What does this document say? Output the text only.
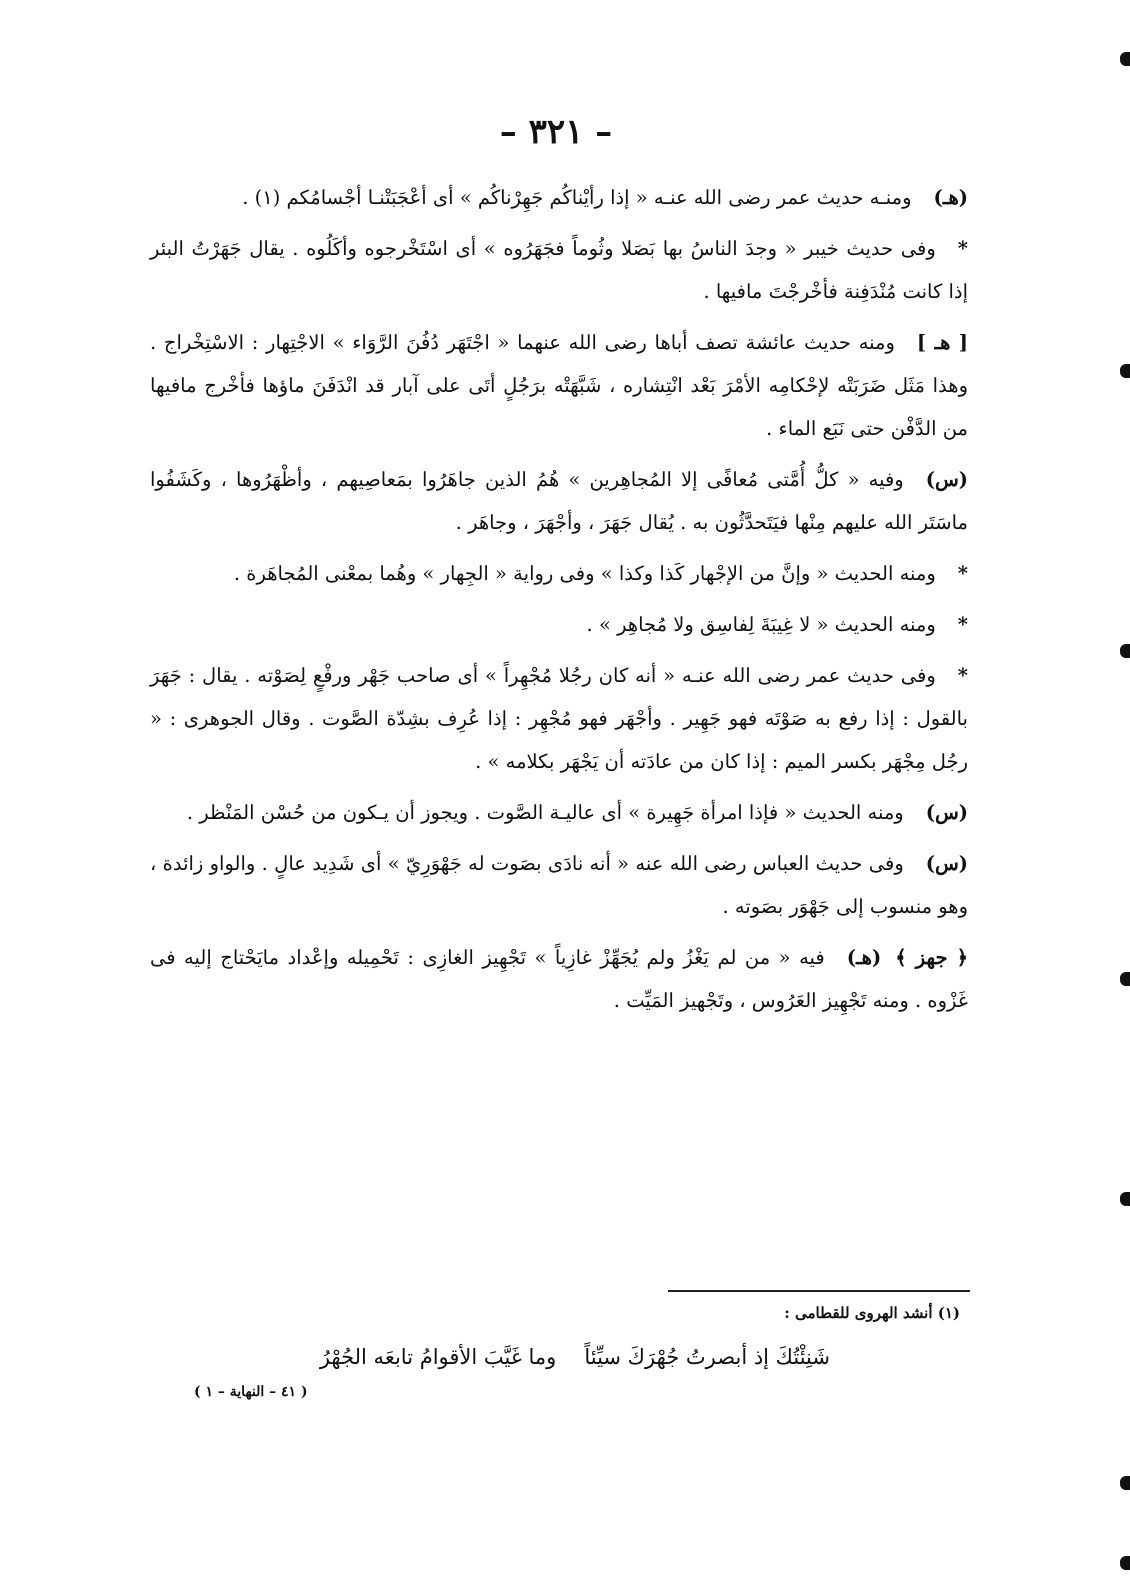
– ٣٢١ –

(هـ)ومنـه حديث عمر رضى الله عنـه « إذا رأيْناكُم جَهِرْناكُم » أى أعْجَبَتْنـا أجْسامُكم (١) .

*وفى حديث خيبر « وجدَ الناسُ بها بَصَلا وثُوماً فجَهَرُوه » أى اسْتَخْرجوه وأكَلُوه . يقال جَهَرْتُ البئر إذا كانت مُنْدَفِنة فأخْرجْتَ مافيها .

[ هـ ]ومنه حديث عائشة تصف أباها رضى الله عنهما « اجْتَهَر دُفُنَ الرَّوَاء » الاجْتِهار : الاسْتِخْراج . وهذا مَثَل ضَرَبَتْه لإحْكامِه الأمْرَ بَعْد انْتِشاره ، شَبَّهَتْه برَجُلٍ أتَى على آبار قد انْدَفَنَ ماؤها فأخْرج مافيها من الدَّفْن حتى نَبَع الماء .

(س)وفيه « كلُّ أُمَّتى مُعافًى إلا المُجاهِرين » هُمُ الذين جاهَرُوا بمَعاصِيهم ، وأظْهَرُوها ، وكَشَفُوا ماسَتَر الله عليهم مِنْها فيَتَحدَّثُون به . يُقال جَهَرَ ، وأجْهَرَ ، وجاهَر .

*ومنه الحديث « وإنَّ من الإجْهار كَذا وكذا » وفى رواية « الجِهار » وهُما بمعْنى المُجاهَرة .

*ومنه الحديث « لا غِيبَةَ لِفاسِق ولا مُجاهِر » .

*وفى حديث عمر رضى الله عنـه « أنه كان رجُلا مُجْهِراً » أى صاحب جَهْر ورفْعٍ لِصَوْته . يقال : جَهَرَ بالقول : إذا رفع به صَوْتَه فهو جَهِير . وأجْهَر فهو مُجْهِر : إذا عُرِف بشِدّة الصَّوت . وقال الجوهرى : « رجُل مِجْهَر بكسر الميم : إذا كان من عادَته أن يَجْهَر بكلامه » .

(س)ومنه الحديث « فإذا امرأة جَهِيرة » أى عاليـة الصَّوت . ويجوز أن يـكون من حُسْن المَنْظر .

(س)وفى حديث العباس رضى الله عنه « أنه نادَى بصَوت له جَهْوَرِيّ » أى شَدِيد عالٍ . والواو زائدة ، وهو منسوب إلى جَهْوَر بصَوته .

﴿ جهز ﴾(هـ)فيه « من لم يَغْزُ ولم يُجَهِّزْ غازِياً » تَجْهِيز الغازِى : تَحْمِيله وإعْداد مايَحْتاج إليه فى غَزْوه . ومنه تَجْهِيز العَرُوس ، وتَجْهيز المَيِّت .

(١) أنشد الهروى للقطامى :
شَنِئْتُكَ إذ أبصرتُ جُهْرَكَ سيِّئاًوما غَيَّبَ الأقوامُ تابعَه الجُهْرُ
( ٤١ – النهاية – ١ )
